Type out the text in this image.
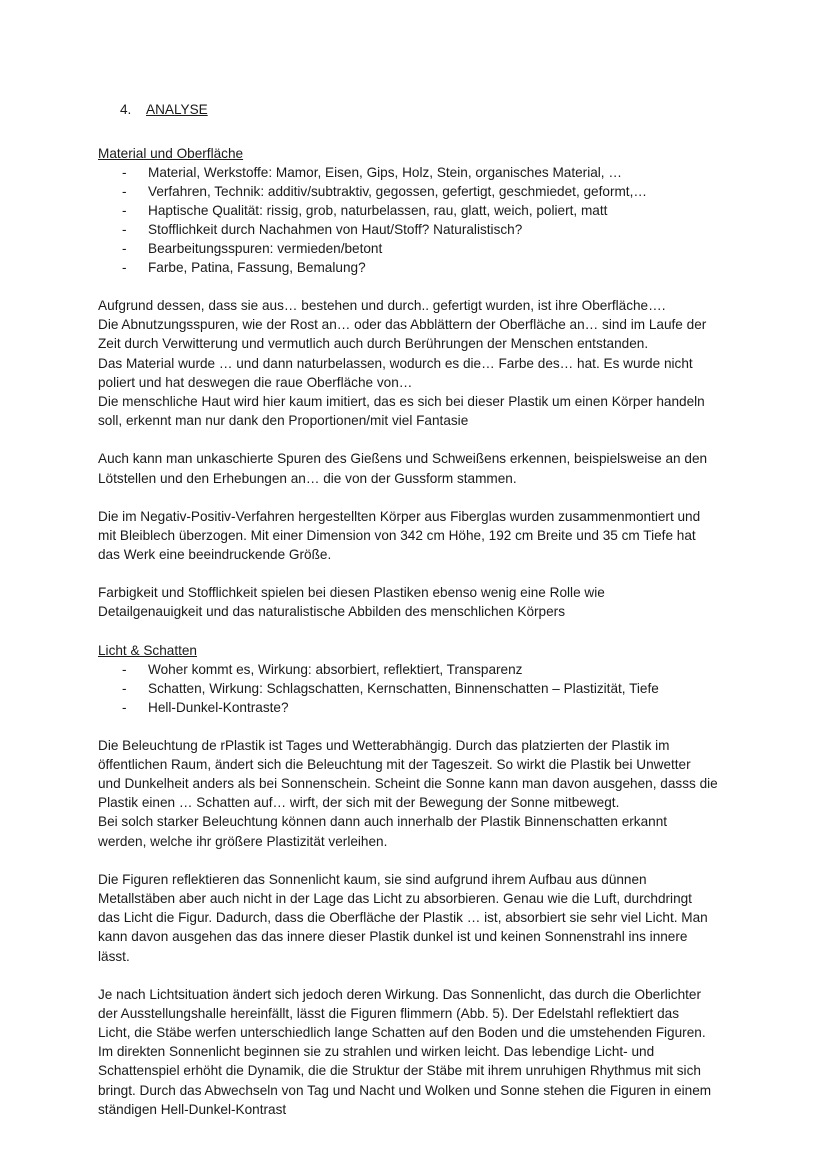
4. ANALYSE
Material und Oberfläche
- Material, Werkstoffe: Mamor, Eisen, Gips, Holz, Stein, organisches Material, …
- Verfahren, Technik: additiv/subtraktiv, gegossen, gefertigt, geschmiedet, geformt,…
- Haptische Qualität: rissig, grob, naturbelassen, rau, glatt, weich, poliert, matt
- Stofflichkeit durch Nachahmen von Haut/Stoff? Naturalistisch?
- Bearbeitungsspuren: vermieden/betont
- Farbe, Patina, Fassung, Bemalung?
Aufgrund dessen, dass sie aus… bestehen und durch.. gefertigt wurden, ist ihre Oberfläche….
Die Abnutzungsspuren, wie der Rost an… oder das Abblättern der Oberfläche an… sind im Laufe der
Zeit durch Verwitterung und vermutlich auch durch Berührungen der Menschen entstanden.
Das Material wurde … und dann naturbelassen, wodurch es die… Farbe des… hat. Es wurde nicht
poliert und hat deswegen die raue Oberfläche von…
Die menschliche Haut wird hier kaum imitiert, das es sich bei dieser Plastik um einen Körper handeln
soll, erkennt man nur dank den Proportionen/mit viel Fantasie
Auch kann man unkaschierte Spuren des Gießens und Schweißens erkennen, beispielsweise an den
Lötstellen und den Erhebungen an… die von der Gussform stammen.
Die im Negativ-Positiv-Verfahren hergestellten Körper aus Fiberglas wurden zusammenmontiert und
mit Bleiblech überzogen. Mit einer Dimension von 342 cm Höhe, 192 cm Breite und 35 cm Tiefe hat
das Werk eine beeindruckende Größe.
Farbigkeit und Stofflichkeit spielen bei diesen Plastiken ebenso wenig eine Rolle wie
Detailgenauigkeit und das naturalistische Abbilden des menschlichen Körpers
Licht & Schatten
- Woher kommt es, Wirkung: absorbiert, reflektiert, Transparenz
- Schatten, Wirkung: Schlagschatten, Kernschatten, Binnenschatten – Plastizität, Tiefe
- Hell-Dunkel-Kontraste?
Die Beleuchtung de rPlastik ist Tages und Wetterabhängig. Durch das platzierten der Plastik im
öffentlichen Raum, ändert sich die Beleuchtung mit der Tageszeit. So wirkt die Plastik bei Unwetter
und Dunkelheit anders als bei Sonnenschein. Scheint die Sonne kann man davon ausgehen, dasss die
Plastik einen … Schatten auf… wirft, der sich mit der Bewegung der Sonne mitbewegt.
Bei solch starker Beleuchtung können dann auch innerhalb der Plastik Binnenschatten erkannt
werden, welche ihr größere Plastizität verleihen.
Die Figuren reflektieren das Sonnenlicht kaum, sie sind aufgrund ihrem Aufbau aus dünnen
Metallstäben aber auch nicht in der Lage das Licht zu absorbieren. Genau wie die Luft, durchdringt
das Licht die Figur. Dadurch, dass die Oberfläche der Plastik … ist, absorbiert sie sehr viel Licht. Man
kann davon ausgehen das das innere dieser Plastik dunkel ist und keinen Sonnenstrahl ins innere
lässt.
Je nach Lichtsituation ändert sich jedoch deren Wirkung. Das Sonnenlicht, das durch die Oberlichter
der Ausstellungshalle hereinfällt, lässt die Figuren flimmern (Abb. 5). Der Edelstahl reflektiert das
Licht, die Stäbe werfen unterschiedlich lange Schatten auf den Boden und die umstehenden Figuren.
Im direkten Sonnenlicht beginnen sie zu strahlen und wirken leicht. Das lebendige Licht- und
Schattenspiel erhöht die Dynamik, die die Struktur der Stäbe mit ihrem unruhigen Rhythmus mit sich
bringt. Durch das Abwechseln von Tag und Nacht und Wolken und Sonne stehen die Figuren in einem
ständigen Hell-Dunkel-Kontrast
